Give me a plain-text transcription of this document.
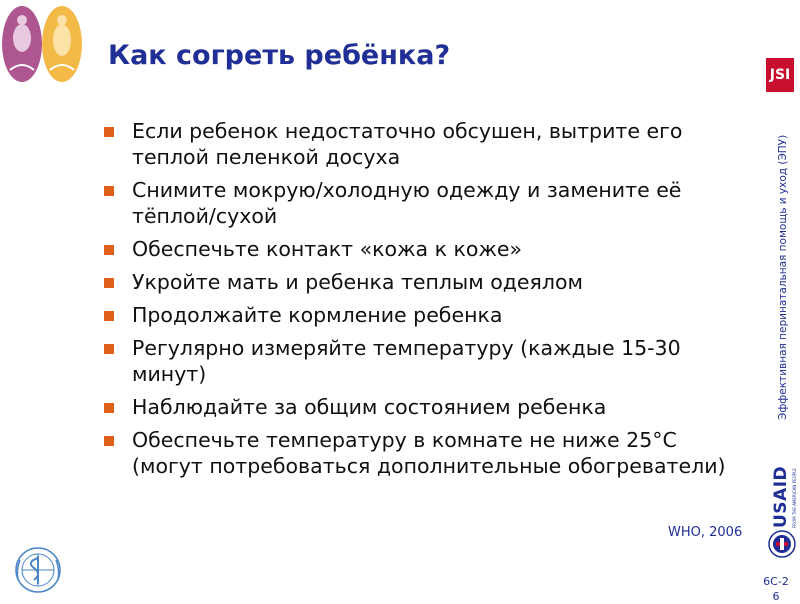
Как согреть ребёнка?
Если ребенок недостаточно обсушен, вытрите его теплой пеленкой досуха
Снимите мокрую/холодную одежду и замените её тёплой/сухой
Обеспечьте контакт «кожа к коже»
Укройте мать и ребенка теплым одеялом
Продолжайте кормление ребенка
Регулярно измеряйте температуру (каждые 15-30 минут)
Наблюдайте за общим состоянием ребенка
Обеспечьте температуру в комнате не ниже 25°С (могут потребоваться дополнительные обогреватели)
WHO, 2006
6С-2
6
JSI
Эффективная перинатальная помощь и уход (ЭПУ)
USAID FROM THE AMERICAN PEOPLE
